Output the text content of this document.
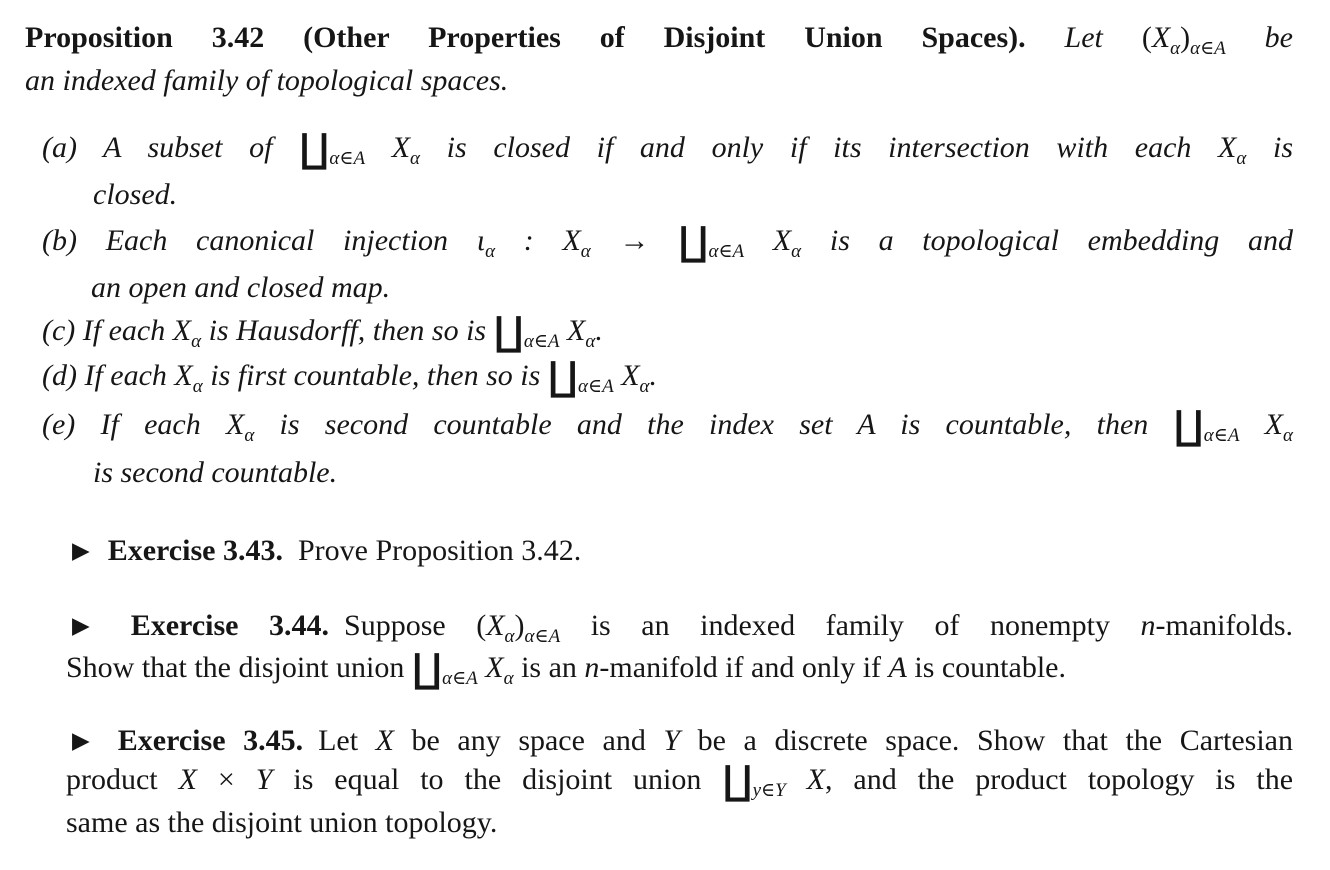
Proposition 3.42 (Other Properties of Disjoint Union Spaces). Let $(X_\alpha)_{\alpha\in A}$ be
an indexed family of topological spaces.
(a) A subset of $∐_{\alpha\in A}$ $X_\alpha$ is closed if and only if its intersection with each $X_\alpha$ is
closed.
(b) Each canonical injection $\iota_\alpha$ : $X_\alpha$ → $∐_{\alpha\in A}$ $X_\alpha$ is a topological embedding and
an open and closed map.
(c) If each $X_\alpha$ is Hausdorff, then so is $∐_{\alpha\in A}$ $X_\alpha$.
(d) If each $X_\alpha$ is first countable, then so is $∐_{\alpha\in A}$ $X_\alpha$.
(e) If each $X_\alpha$ is second countable and the index set A is countable, then $∐_{\alpha\in A}$ $X_\alpha$
is second countable.
▶ Exercise 3.43. Prove Proposition 3.42.
▶ Exercise 3.44. Suppose $(X_\alpha)_{\alpha\in A}$ is an indexed family of nonempty n-manifolds.
Show that the disjoint union $∐_{\alpha\in A}$ $X_\alpha$ is an n-manifold if and only if A is countable.
▶ Exercise 3.45. Let X be any space and Y be a discrete space. Show that the Cartesian
product X × Y is equal to the disjoint union $∐_{y\in Y}$ X, and the product topology is the
same as the disjoint union topology.
